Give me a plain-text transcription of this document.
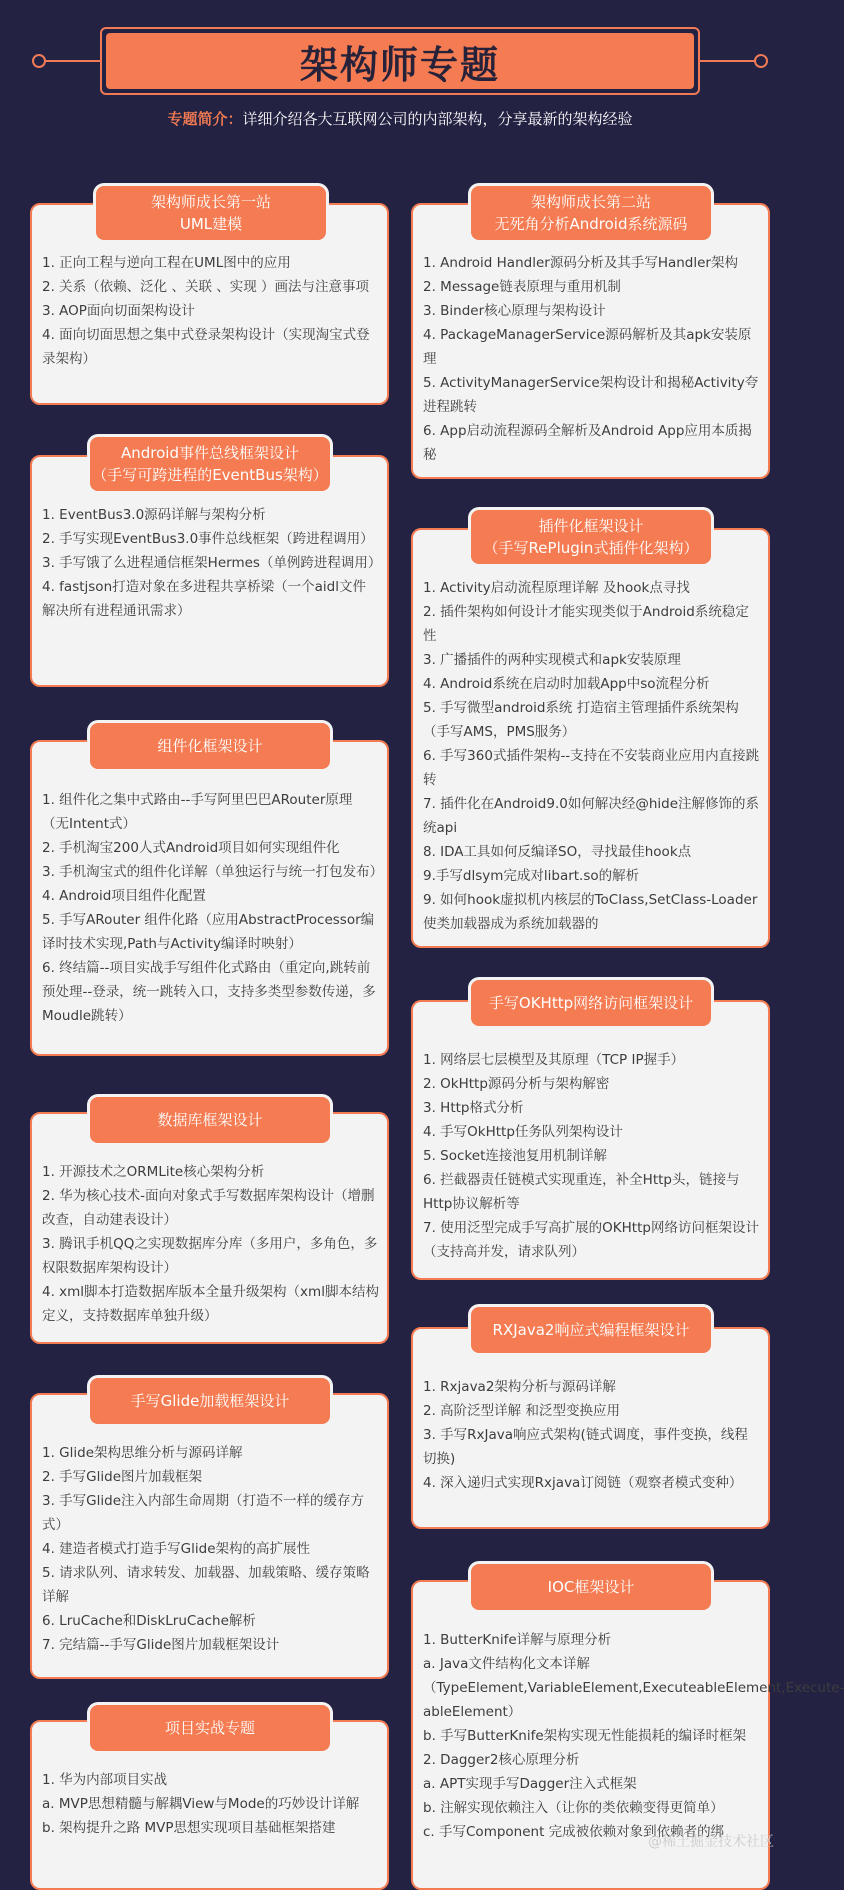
架构师专题
专题简介：详细介绍各大互联网公司的内部架构，分享最新的架构经验
1. 正向工程与逆向工程在UML图中的应用
2. 关系（依赖、泛化 、关联 、实现 ）画法与注意事项
3. AOP面向切面架构设计
4. 面向切面思想之集中式登录架构设计（实现淘宝式登录架构）
架构师成长第一站
UML建模
1. EventBus3.0源码详解与架构分析
2. 手写实现EventBus3.0事件总线框架（跨进程调用）
3. 手写饿了么进程通信框架Hermes（单例跨进程调用）
4. fastjson打造对象在多进程共享桥梁（一个aidl文件解决所有进程通讯需求）
Android事件总线框架设计
（手写可跨进程的EventBus架构）
1. 组件化之集中式路由--手写阿里巴巴ARouter原理（无Intent式）
2. 手机淘宝200人式Android项目如何实现组件化
3. 手机淘宝式的组件化详解（单独运行与统一打包发布）
4. Android项目组件化配置
5. 手写ARouter 组件化路（应用AbstractProcessor编译时技术实现,Path与Activity编译时映射）
6. 终结篇--项目实战手写组件化式路由（重定向,跳转前预处理--登录，统一跳转入口，支持多类型参数传递，多Moudle跳转）
组件化框架设计
1. 开源技术之ORMLite核心架构分析
2. 华为核心技术-面向对象式手写数据库架构设计（增删改查，自动建表设计）
3. 腾讯手机QQ之实现数据库分库（多用户，多角色，多权限数据库架构设计）
4. xml脚本打造数据库版本全量升级架构（xml脚本结构定义，支持数据库单独升级）
数据库框架设计
1. Glide架构思维分析与源码详解
2. 手写Glide图片加载框架
3. 手写Glide注入内部生命周期（打造不一样的缓存方式）
4. 建造者模式打造手写Glide架构的高扩展性
5. 请求队列、请求转发、加载器、加载策略、缓存策略详解
6. LruCache和DiskLruCache解析
7. 完结篇--手写Glide图片加载框架设计
手写Glide加载框架设计
1. 华为内部项目实战
a. MVP思想精髓与解耦View与Mode的巧妙设计详解
b. 架构提升之路 MVP思想实现项目基础框架搭建
项目实战专题
1. Android Handler源码分析及其手写Handler架构
2. Message链表原理与重用机制
3. Binder核心原理与架构设计
4. PackageManagerService源码解析及其apk安装原理
5. ActivityManagerService架构设计和揭秘Activity夸进程跳转
6. App启动流程源码全解析及Android App应用本质揭秘
架构师成长第二站
无死角分析Android系统源码
1. Activity启动流程原理详解 及hook点寻找
2. 插件架构如何设计才能实现类似于Android系统稳定性
3. 广播插件的两种实现模式和apk安装原理
4. Android系统在启动时加载App中so流程分析
5. 手写微型android系统 打造宿主管理插件系统架构（手写AMS，PMS服务）
6. 手写360式插件架构--支持在不安装商业应用内直接跳转
7. 插件化在Android9.0如何解决经@hide注解修饰的系统api
8. IDA工具如何反编译SO，寻找最佳hook点
9.手写dlsym完成对libart.so的解析
9. 如何hook虚拟机内核层的ToClass,SetClass-Loader使类加载器成为系统加载器的
插件化框架设计
（手写RePlugin式插件化架构）
1. 网络层七层模型及其原理（TCP IP握手）
2. OkHttp源码分析与架构解密
3. Http格式分析
4. 手写OkHttp任务队列架构设计
5. Socket连接池复用机制详解
6. 拦截器责任链模式实现重连，补全Http头，链接与Http协议解析等
7. 使用泛型完成手写高扩展的OKHttp网络访问框架设计（支持高并发，请求队列）
手写OKHttp网络访问框架设计
1. Rxjava2架构分析与源码详解
2. 高阶泛型详解 和泛型变换应用
3. 手写RxJava响应式架构(链式调度，事件变换，线程切换)
4. 深入递归式实现Rxjava订阅链（观察者模式变种）
RXJava2响应式编程框架设计
1. ButterKnife详解与原理分析
a. Java文件结构化文本详解（TypeElement,VariableElement,ExecuteableElement,Execute-ableElement）
b. 手写ButterKnife架构实现无性能损耗的编译时框架
2. Dagger2核心原理分析
a. APT实现手写Dagger注入式框架
b. 注解实现依赖注入（让你的类依赖变得更简单）
c. 手写Component 完成被依赖对象到依赖者的绑
IOC框架设计
@稀土掘金技术社区
